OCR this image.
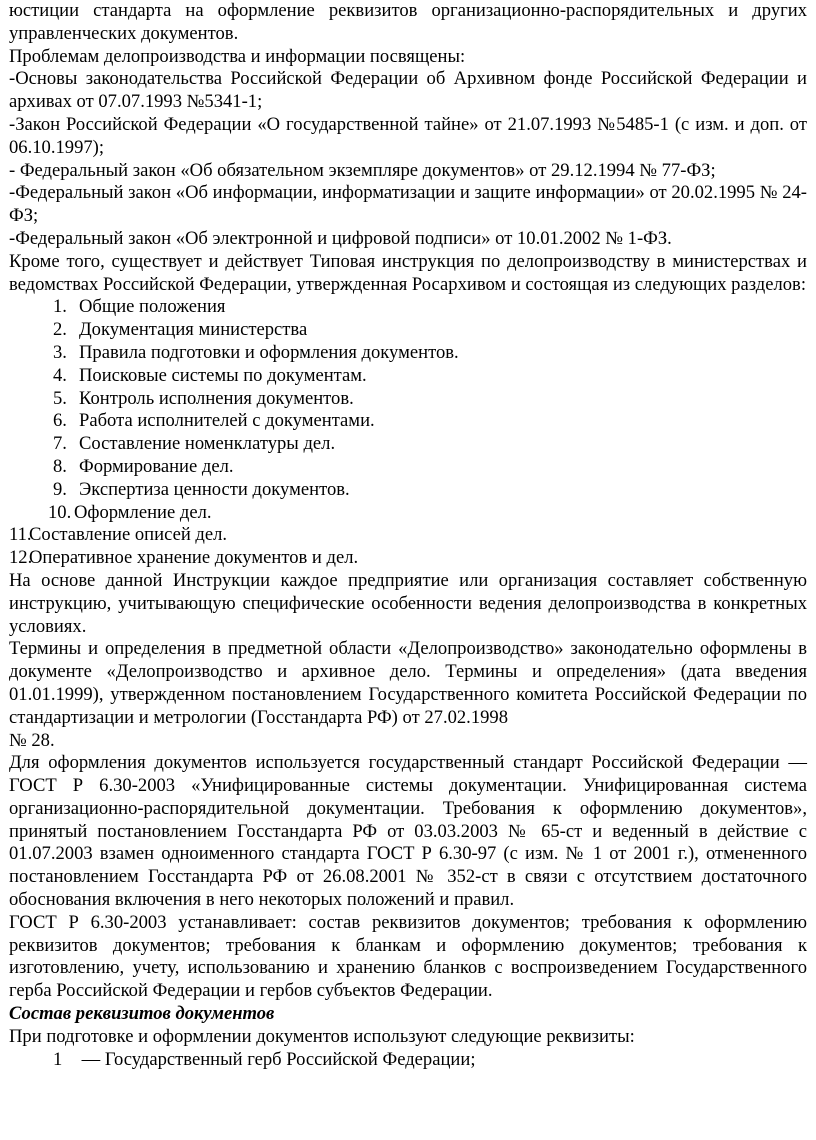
юстиции стандарта на оформление реквизитов организационно-распорядительных и других управленческих документов.

Проблемам делопроизводства и информации посвящены:

-Основы законодательства Российской Федерации об Архивном фонде Российской Федерации и архивах от 07.07.1993 №5341-1;

-Закон Российской Федерации «О государственной тайне» от 21.07.1993 №5485-1 (с изм. и доп. от 06.10.1997);

- Федеральный закон «Об обязательном экземпляре документов» от 29.12.1994 № 77-ФЗ;

-Федеральный закон «Об информации, информатизации и защите информации» от 20.02.1995 № 24-ФЗ;

-Федеральный закон «Об электронной и цифровой подписи» от 10.01.2002 № 1-ФЗ.

Кроме того, существует и действует Типовая инструкция по делопроизводству в министерствах и ведомствах Российской Федерации, утвержденная Росархивом и состоящая из следующих разделов:

1. Общие положения
2. Документация министерства
3. Правила подготовки и оформления документов.
4. Поисковые системы по документам.
5. Контроль исполнения документов.
6. Работа исполнителей с документами.
7. Составление номенклатуры дел.
8. Формирование дел.
9. Экспертиза ценности документов.
10. Оформление дел.
11.Составление описей дел.
12.Оперативное хранение документов и дел.

На основе данной Инструкции каждое предприятие или организация составляет собственную инструкцию, учитывающую специфические особенности ведения делопроизводства в конкретных условиях.

Термины и определения в предметной области «Делопроизводство» законодательно оформлены в документе «Делопроизводство и архивное дело. Термины и определения» (дата введения 01.01.1999), утвержденном постановлением Государственного комитета Российской Федерации по стандартизации и метрологии (Госстандарта РФ) от 27.02.1998

№ 28.

Для оформления документов используется государственный стандарт Российской Федерации — ГОСТ Р 6.30-2003 «Унифицированные системы документации. Унифицированная система организационно-распорядительной документации. Требования к оформлению документов», принятый постановлением Госстандарта РФ от 03.03.2003 № 65-ст и веденный в действие с 01.07.2003 взамен одноименного стандарта ГОСТ Р 6.30-97 (с изм. № 1 от 2001 г.), отмененного постановлением Госстандарта РФ от 26.08.2001 № 352-ст в связи с отсутствием достаточного обоснования включения в него некоторых положений и правил.

ГОСТ Р 6.30-2003 устанавливает: состав реквизитов документов; требования к оформлению реквизитов документов; требования к бланкам и оформлению документов; требования к изготовлению, учету, использованию и хранению бланков с воспроизведением Государственного герба Российской Федерации и гербов субъектов Федерации.

Состав реквизитов документов

При подготовке и оформлении документов используют следующие реквизиты:

1 — Государственный герб Российской Федерации;
